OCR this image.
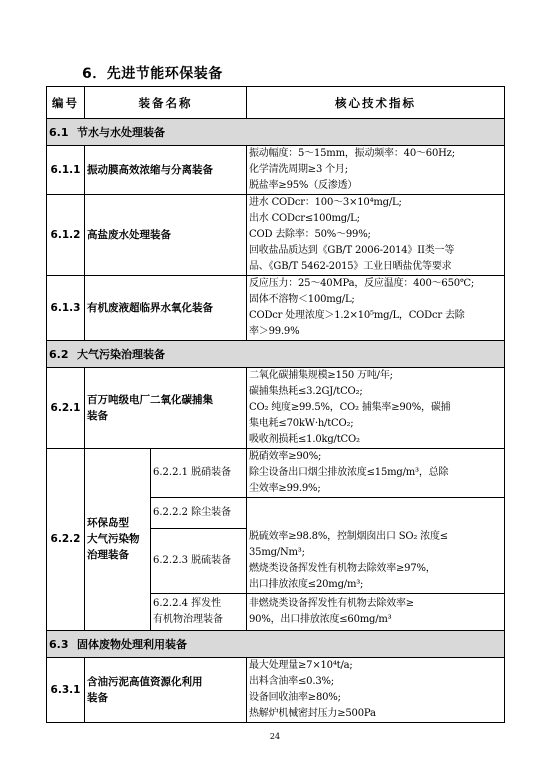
6．先进节能环保装备
编号	装备名称		核心技术指标
6.1 节水与水处理装备			
6.1.1	振动膜高效浓缩与分离装备		振动幅度：5～15mm，振动频率：40～60Hz;
化学清洗周期≥3 个月;
脱盐率≥95%（反渗透）

6.1.2	高盐废水处理装备		进水 CODcr：100～3×10⁴mg/L;
出水 CODcr≤100mg/L;
COD 去除率：50%～99%;
回收盐品质达到《GB/T 2006-2014》II类一等
品、《GB/T 5462-2015》工业日晒盐优等要求

6.1.3	有机废液超临界水氧化装备		反应压力：25～40MPa，反应温度：400～650℃;
固体不溶物＜100mg/L;
CODcr 处理浓度＞1.2×10⁵mg/L，CODcr 去除
率＞99.9%

6.2 大气污染治理装备			
6.2.1	百万吨级电厂二氧化碳捕集
装备		二氧化碳捕集规模≥150 万吨/年;
碳捕集热耗≤3.2GJ/tCO₂;
CO₂ 纯度≥99.5%，CO₂ 捕集率≥90%，碳捕
集电耗≤70kW·h/tCO₂;
吸收剂损耗≤1.0kg/tCO₂

6.2.2	环保岛型
大气污染物
治理装备	6.2.2.1 脱硝装备	脱硝效率≥90%;
除尘设备出口烟尘排放浓度≤15mg/m³，总除
尘效率≥99.9%;

		6.2.2.2 除尘装备	

		6.2.2.3 脱硫装备	脱硫效率≥98.8%，控制烟囱出口 SO₂ 浓度≤
35mg/Nm³;
燃烧类设备挥发性有机物去除效率≥97%，
出口排放浓度≤20mg/m³;

		6.2.2.4 挥发性
有机物治理装备	非燃烧类设备挥发性有机物去除效率≥
90%，出口排放浓度≤60mg/m³

6.3 固体废物处理利用装备			
6.3.1	含油污泥高值资源化利用
装备		最大处理量≥7×10⁴t/a;
出料含油率≤0.3%;
设备回收油率≥80%;
热解炉机械密封压力≥500Pa
24
